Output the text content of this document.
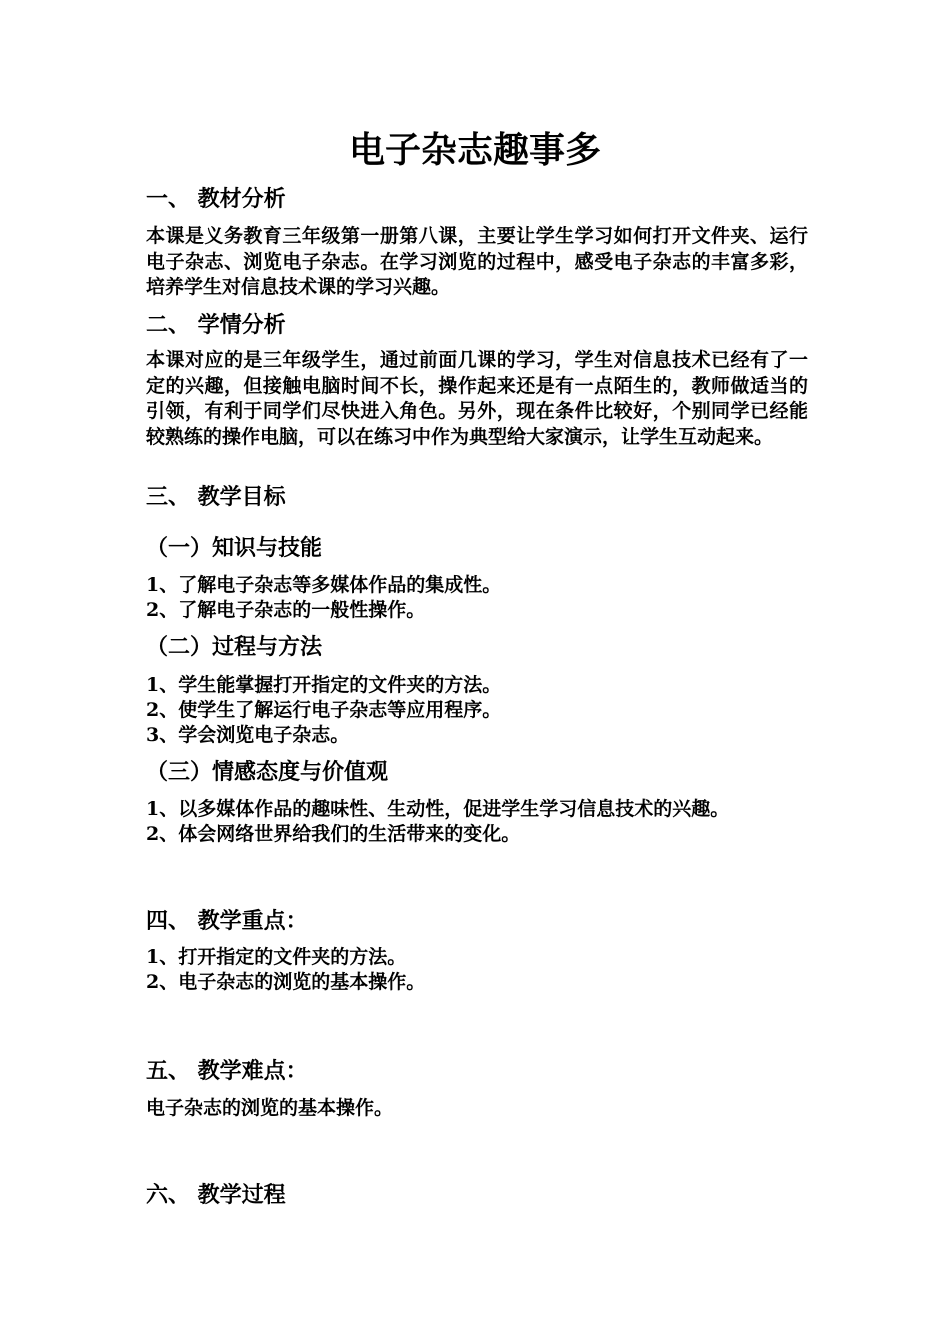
电子杂志趣事多
一、 教材分析

本课是义务教育三年级第一册第八课，主要让学生学习如何打开文件夹、运行电子杂志、浏览电子杂志。在学习浏览的过程中，感受电子杂志的丰富多彩，培养学生对信息技术课的学习兴趣。

二、 学情分析

本课对应的是三年级学生，通过前面几课的学习，学生对信息技术已经有了一定的兴趣，但接触电脑时间不长，操作起来还是有一点陌生的，教师做适当的引领，有利于同学们尽快进入角色。另外，现在条件比较好，个别同学已经能较熟练的操作电脑，可以在练习中作为典型给大家演示，让学生互动起来。

三、 教学目标
（一）知识与技能

1、了解电子杂志等多媒体作品的集成性。

2、了解电子杂志的一般性操作。

（二）过程与方法

1、学生能掌握打开指定的文件夹的方法。

2、使学生了解运行电子杂志等应用程序。

3、学会浏览电子杂志。

（三）情感态度与价值观

1、以多媒体作品的趣味性、生动性，促进学生学习信息技术的兴趣。

2、体会网络世界给我们的生活带来的变化。

四、 教学重点：

1、打开指定的文件夹的方法。

2、电子杂志的浏览的基本操作。

五、 教学难点：

电子杂志的浏览的基本操作。

六、 教学过程
